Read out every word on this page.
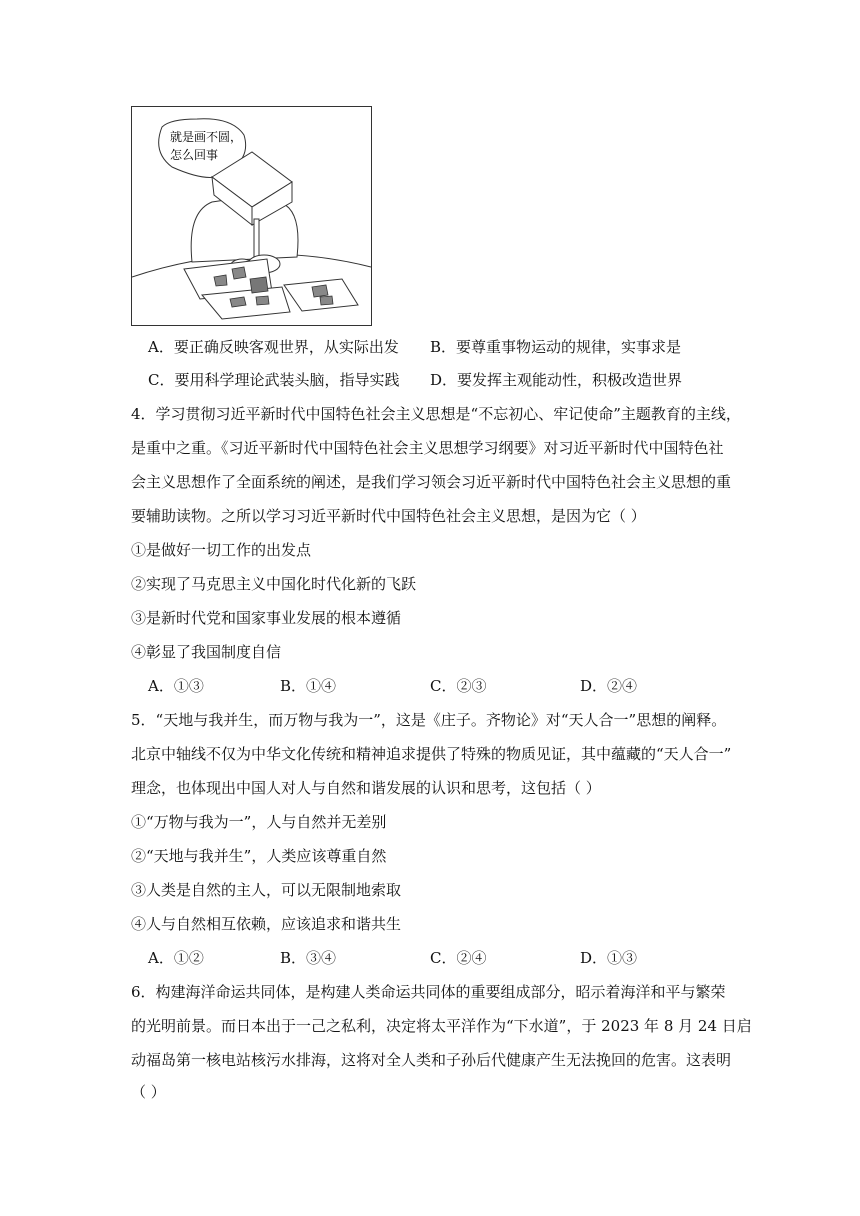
就是画不圆，
怎么回事
A．要正确反映客观世界，从实际出发 B．要尊重事物运动的规律，实事求是
C．要用科学理论武装头脑，指导实践 D．要发挥主观能动性，积极改造世界
4．学习贯彻习近平新时代中国特色社会主义思想是“不忘初心、牢记使命”主题教育的主线，
是重中之重。《习近平新时代中国特色社会主义思想学习纲要》对习近平新时代中国特色社
会主义思想作了全面系统的阐述，是我们学习领会习近平新时代中国特色社会主义思想的重
要辅助读物。之所以学习习近平新时代中国特色社会主义思想，是因为它（ ）
①是做好一切工作的出发点
②实现了马克思主义中国化时代化新的飞跃
③是新时代党和国家事业发展的根本遵循
④彰显了我国制度自信
A．①③	B．①④	C．②③	D．②④
5．“天地与我并生，而万物与我为一”，这是《庄子。齐物论》对“天人合一”思想的阐释。
北京中轴线不仅为中华文化传统和精神追求提供了特殊的物质见证，其中蕴藏的“天人合一”
理念，也体现出中国人对人与自然和谐发展的认识和思考，这包括（ ）
①“万物与我为一”，人与自然并无差别
②“天地与我并生”，人类应该尊重自然
③人类是自然的主人，可以无限制地索取
④人与自然相互依赖，应该追求和谐共生
A．①②	B．③④	C．②④	D．①③
6．构建海洋命运共同体，是构建人类命运共同体的重要组成部分，昭示着海洋和平与繁荣
的光明前景。而日本出于一己之私利，决定将太平洋作为“下水道”，于 2023 年 8 月 24 日启
动福岛第一核电站核污水排海，这将对全人类和子孙后代健康产生无法挽回的危害。这表明
（ ）
